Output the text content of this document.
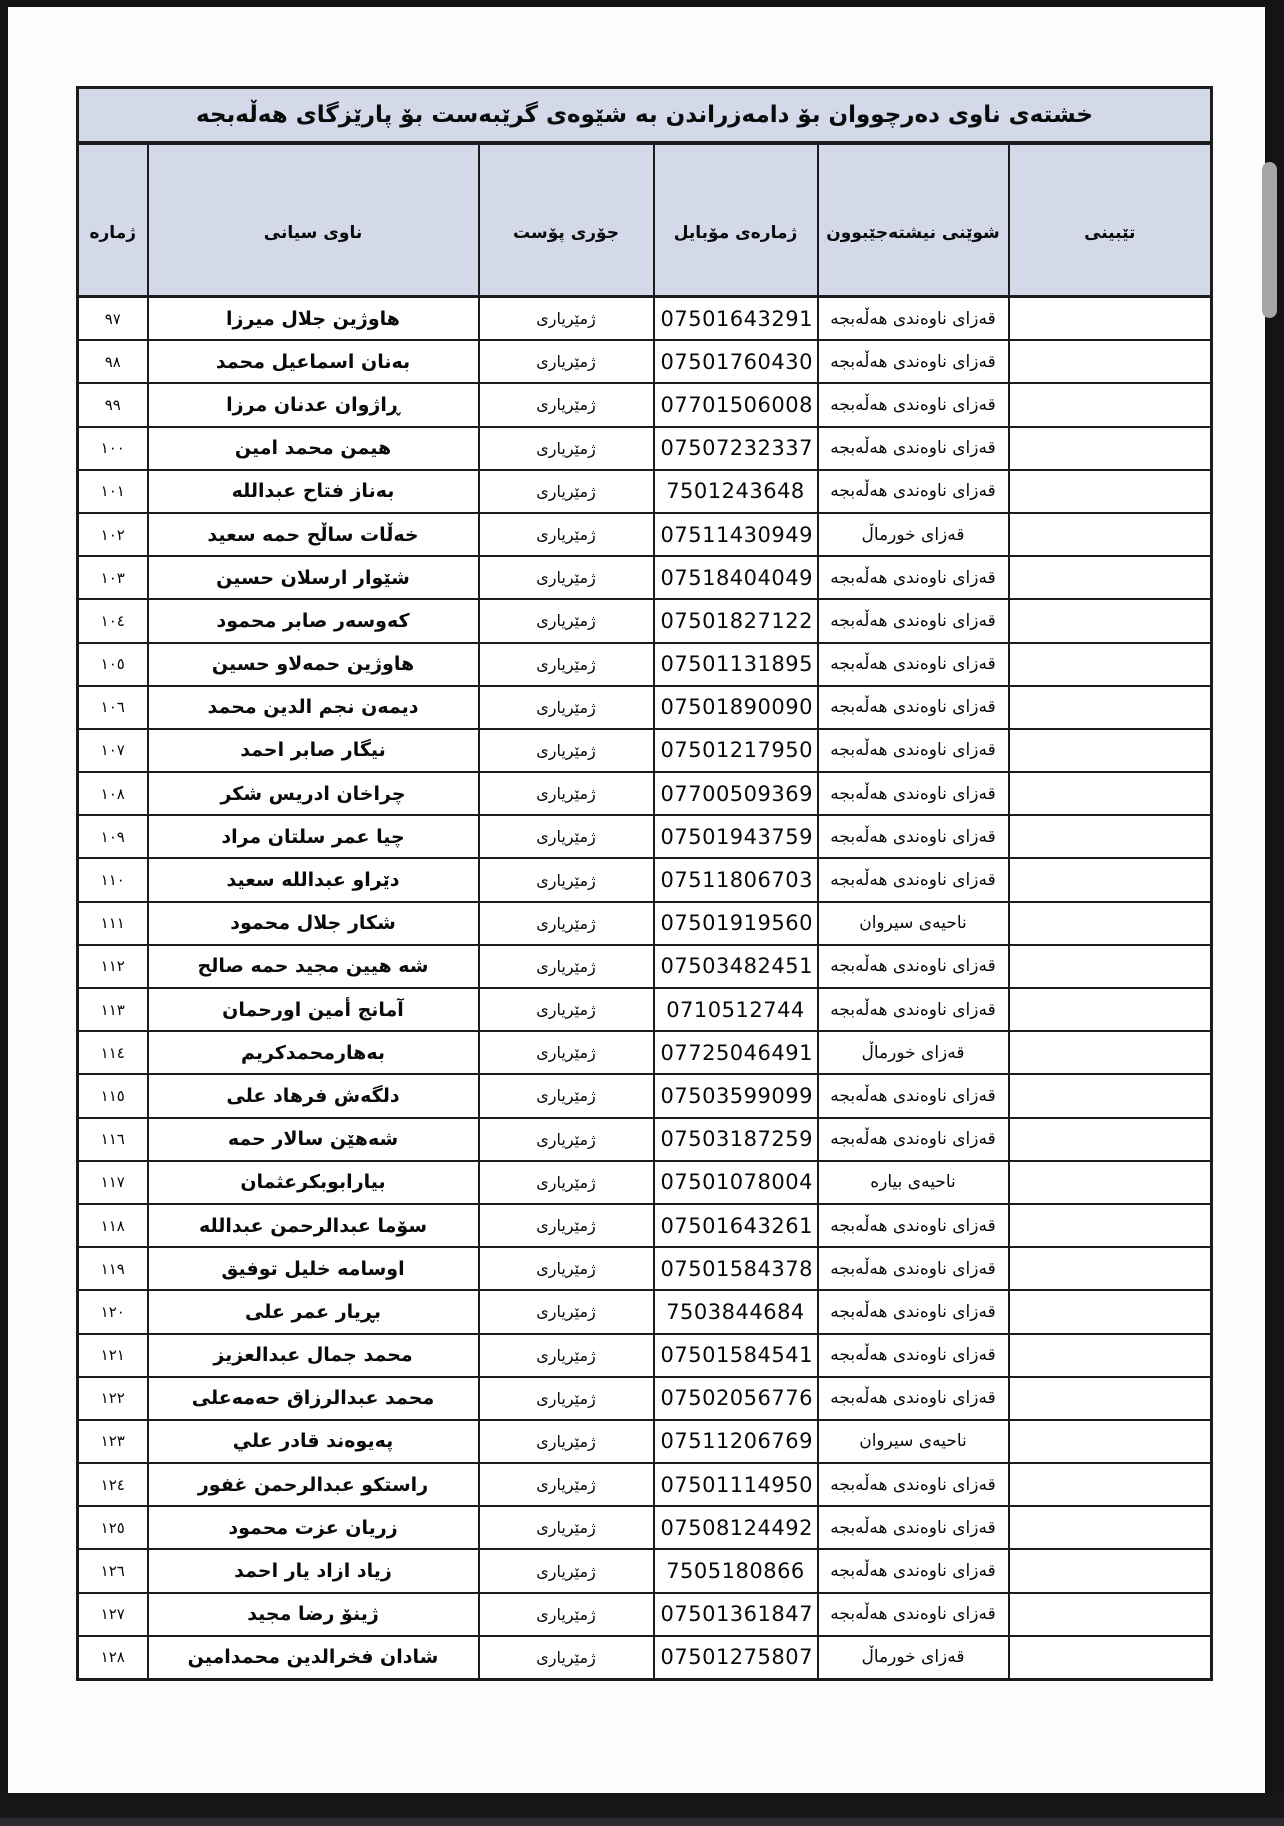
خشتەی ناوی دەرچووان بۆ دامەزراندن بە شێوەی گرێبەست بۆ پارێزگای هەڵەبجە					
ژماره	ناوی سیانی	جۆری پۆست	ژمارەی مۆبایل	شوێنی نیشتەجێبوون	تێبینی
٩٧	هاوژین جلال میرزا	ژمێریاری	07501643291	قەزای ناوەندی هەڵەبجە	
٩٨	بەنان اسماعیل محمد	ژمێریاری	07501760430	قەزای ناوەندی هەڵەبجە	
٩٩	ڕاژوان عدنان مرزا	ژمێریاری	07701506008	قەزای ناوەندی هەڵەبجە	
١٠٠	هیمن محمد امین	ژمێریاری	07507232337	قەزای ناوەندی هەڵەبجە	
١٠١	بەناز فتاح عبدالله	ژمێریاری	7501243648	قەزای ناوەندی هەڵەبجە	
١٠٢	خەڵات ساڵح حمه سعید	ژمێریاری	07511430949	قەزای خورماڵ	
١٠٣	شێوار ارسلان حسین	ژمێریاری	07518404049	قەزای ناوەندی هەڵەبجە	
١٠٤	کەوسەر صابر محمود	ژمێریاری	07501827122	قەزای ناوەندی هەڵەبجە	
١٠٥	هاوژین حمەلاو حسین	ژمێریاری	07501131895	قەزای ناوەندی هەڵەبجە	
١٠٦	دیمەن نجم الدین محمد	ژمێریاری	07501890090	قەزای ناوەندی هەڵەبجە	
١٠٧	نیگار صابر احمد	ژمێریاری	07501217950	قەزای ناوەندی هەڵەبجە	
١٠٨	چراخان ادریس شکر	ژمێریاری	07700509369	قەزای ناوەندی هەڵەبجە	
١٠٩	چیا عمر سلتان مراد	ژمێریاری	07501943759	قەزای ناوەندی هەڵەبجە	
١١٠	دێراو عبدالله سعید	ژمێریاری	07511806703	قەزای ناوەندی هەڵەبجە	
١١١	شکار جلال محمود	ژمێریاری	07501919560	ناحیەی سیروان	
١١٢	شه هیین مجید حمه صالح	ژمێریاری	07503482451	قەزای ناوەندی هەڵەبجە	
١١٣	آمانج أمین اورحمان	ژمێریاری	0710512744	قەزای ناوەندی هەڵەبجە	
١١٤	بەهارمحمدکریم	ژمێریاری	07725046491	قەزای خورماڵ	
١١٥	دلگەش فرهاد علی	ژمێریاری	07503599099	قەزای ناوەندی هەڵەبجە	
١١٦	شەهێن سالار حمه	ژمێریاری	07503187259	قەزای ناوەندی هەڵەبجە	
١١٧	بیارابوبکرعثمان	ژمێریاری	07501078004	ناحیەی بیاره	
١١٨	سۆما عبدالرحمن عبدالله	ژمێریاری	07501643261	قەزای ناوەندی هەڵەبجە	
١١٩	اوسامه خلیل توفیق	ژمێریاری	07501584378	قەزای ناوەندی هەڵەبجە	
١٢٠	بڕیار عمر علی	ژمێریاری	7503844684	قەزای ناوەندی هەڵەبجە	
١٢١	محمد جمال عبدالعزیز	ژمێریاری	07501584541	قەزای ناوەندی هەڵەبجە	
١٢٢	محمد عبدالرزاق حەمەعلی	ژمێریاری	07502056776	قەزای ناوەندی هەڵەبجە	
١٢٣	پەیوەند قادر علي	ژمێریاری	07511206769	ناحیەی سیروان	
١٢٤	راستکو عبدالرحمن غفور	ژمێریاری	07501114950	قەزای ناوەندی هەڵەبجە	
١٢٥	زریان عزت محمود	ژمێریاری	07508124492	قەزای ناوەندی هەڵەبجە	
١٢٦	زیاد ازاد یار احمد	ژمێریاری	7505180866	قەزای ناوەندی هەڵەبجە	
١٢٧	ژینۆ رضا مجید	ژمێریاری	07501361847	قەزای ناوەندی هەڵەبجە	
١٢٨	شادان فخرالدین محمدامین	ژمێریاری	07501275807	قەزای خورماڵ	
